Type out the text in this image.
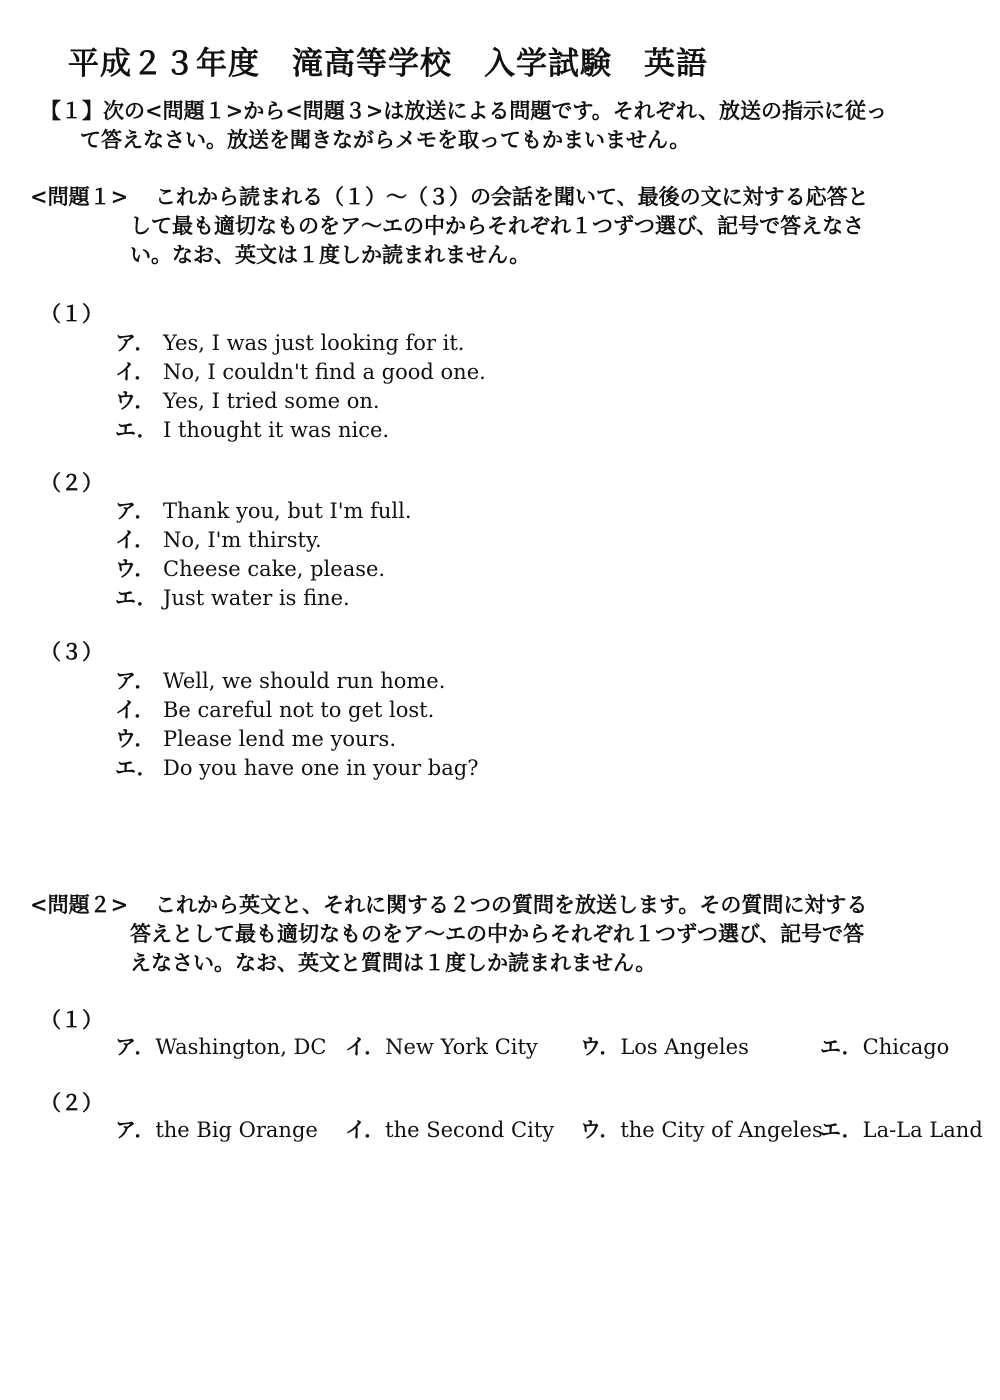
平成２３年度　滝高等学校　入学試験　英語
【１】次の<問題１>から<問題３>は放送による問題です。それぞれ、放送の指示に従っ
て答えなさい。放送を聞きながらメモを取ってもかまいません。
<問題１> これから読まれる（１）～（３）の会話を聞いて、最後の文に対する応答と
して最も適切なものをア～エの中からそれぞれ１つずつ選び、記号で答えなさ
い。なお、英文は１度しか読まれません。
（１）
ア． Yes, I was just looking for it.
イ． No, I couldn't find a good one.
ウ． Yes, I tried some on.
エ． I thought it was nice.
（２）
ア． Thank you, but I'm full.
イ． No, I'm thirsty.
ウ． Cheese cake, please.
エ． Just water is fine.
（３）
ア． Well, we should run home.
イ． Be careful not to get lost.
ウ． Please lend me yours.
エ． Do you have one in your bag?
<問題２> これから英文と、それに関する２つの質問を放送します。その質問に対する
答えとして最も適切なものをア～エの中からそれぞれ１つずつ選び、記号で答
えなさい。なお、英文と質問は１度しか読まれません。
（１）
ア．Washington, DC イ．New York City ウ．Los Angeles	エ．Chicago
（２）
ア．the Big Orange イ．the Second City ウ．the City of Angeles
エ．La-La Land
